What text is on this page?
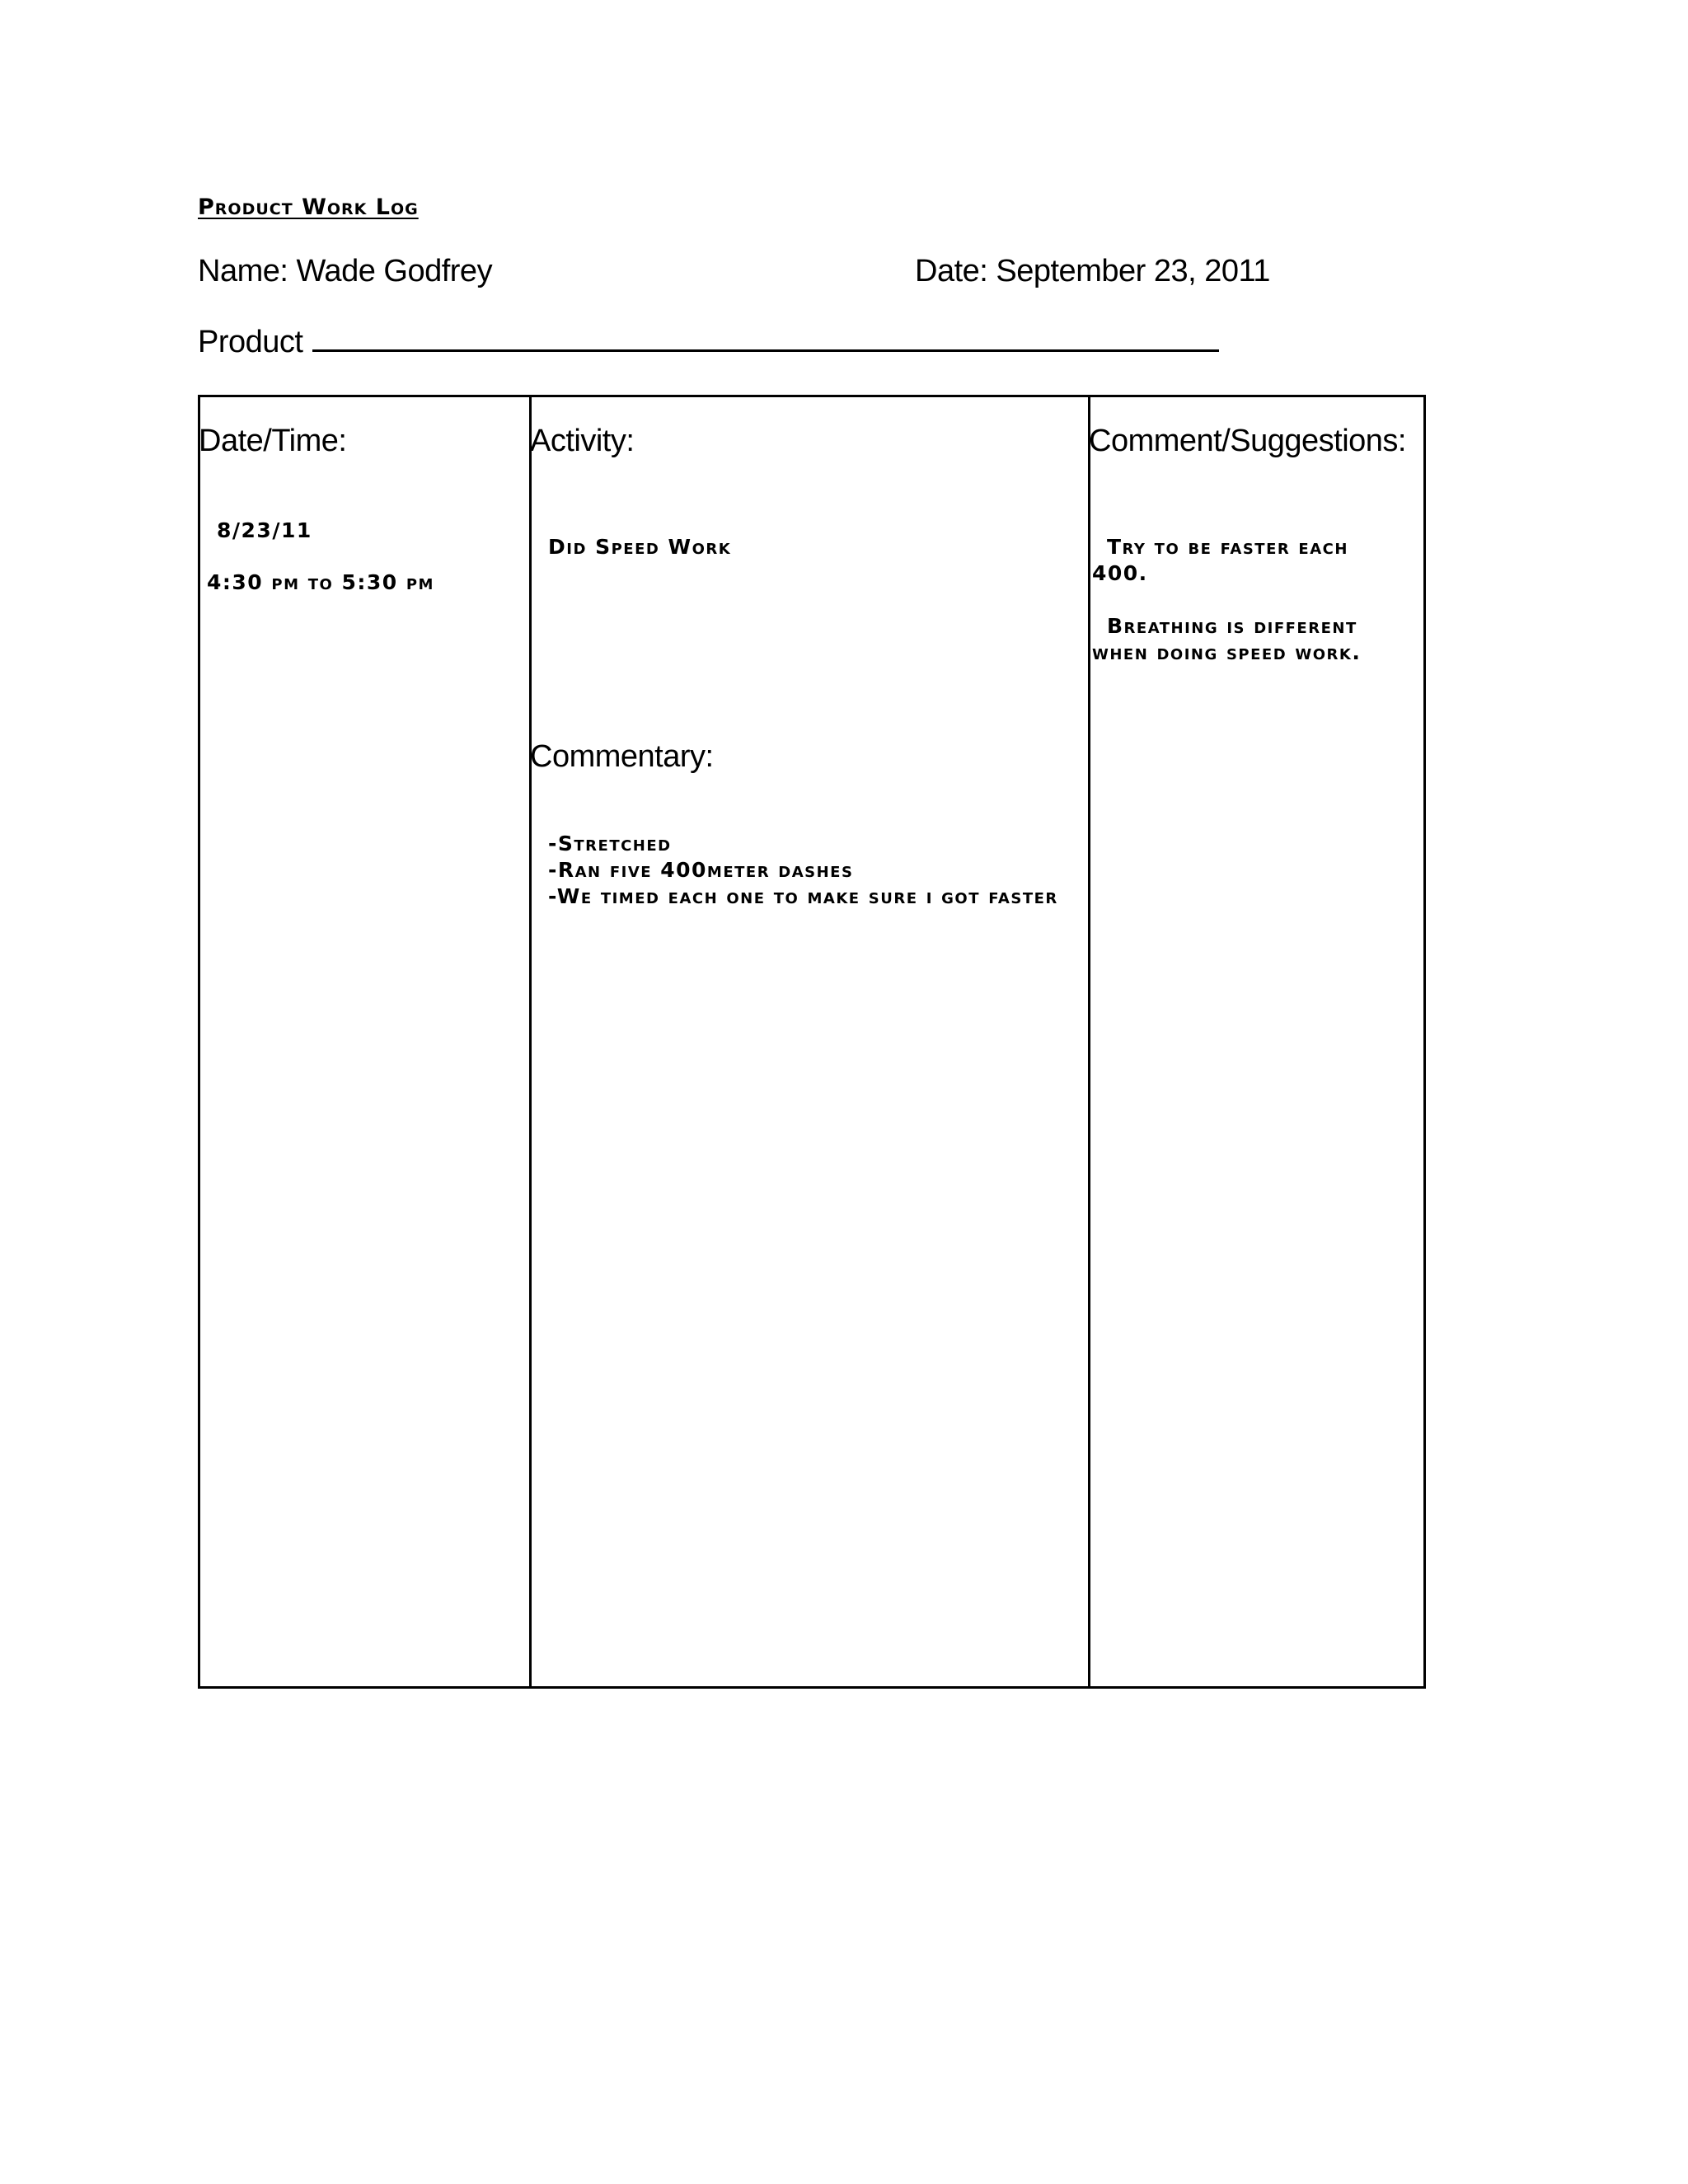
Product Work Log
Name: Wade Godfrey	Date: September 23, 2011
Product
Date/Time:
8/23/11
4:30 pm to 5:30 pm
Activity:
Did Speed Work
Commentary:
-Stretched
-Ran five 400meter dashes
-We timed each one to make sure i got faster
Comment/Suggestions:
Try to be faster each
400.
Breathing is different
when doing speed work.
